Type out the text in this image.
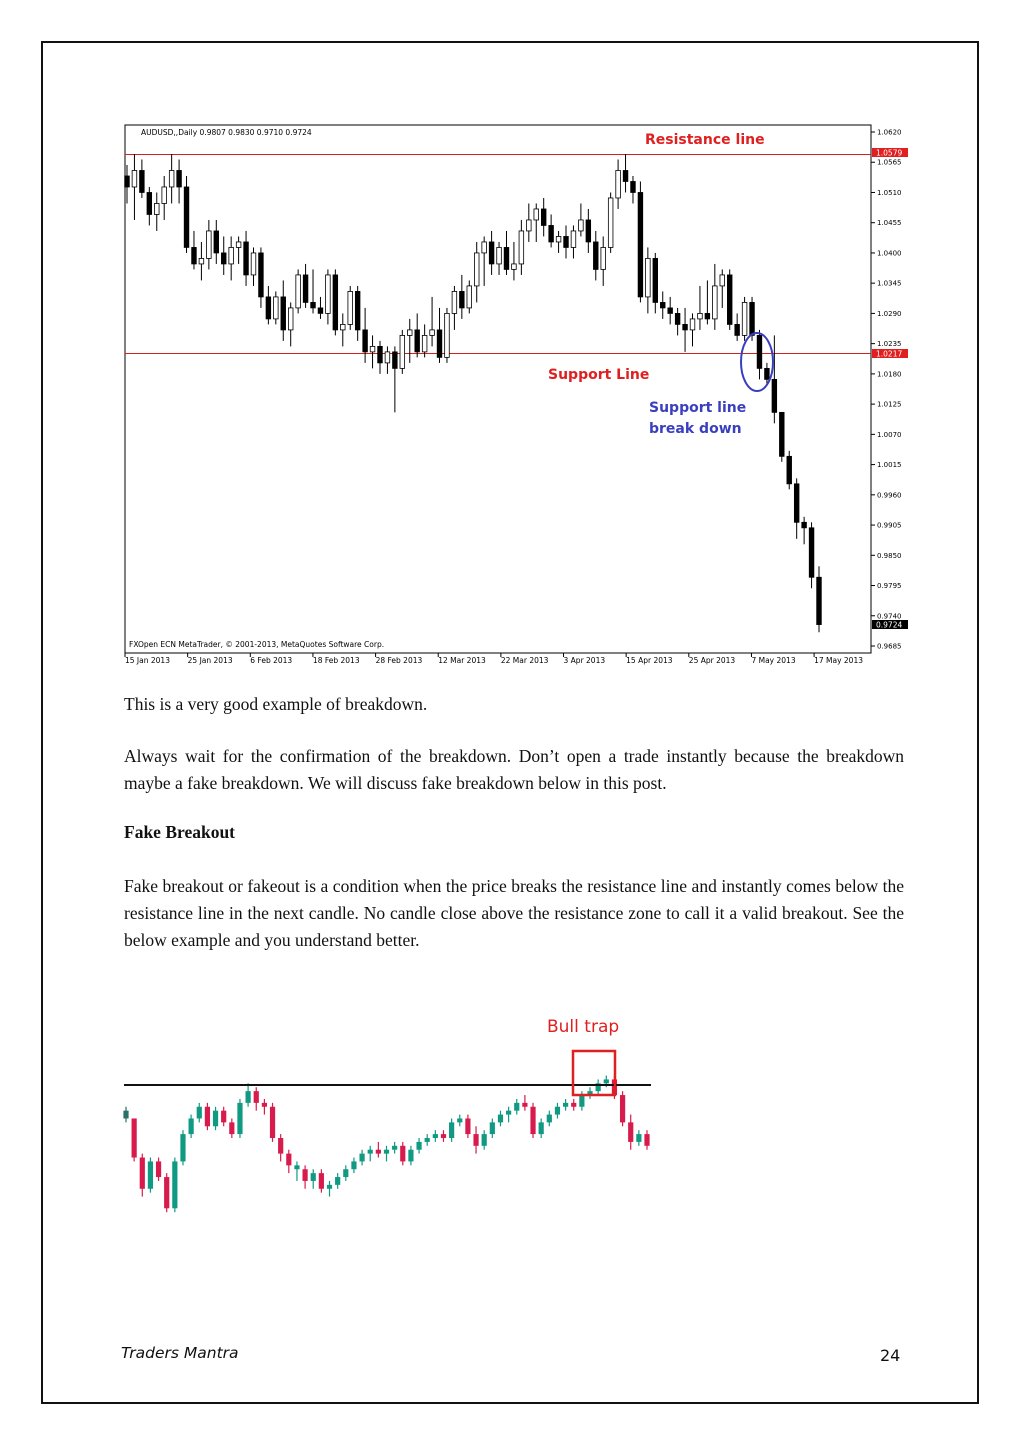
1.0620
1.0565
1.0510
1.0455
1.0400
1.0345
1.0290
1.0235
1.0180
1.0125
1.0070
1.0015
0.9960
0.9905
0.9850
0.9795
0.9740
0.9685
15 Jan 2013 25 Jan 2013 6 Feb 2013	18 Feb 2013 28 Feb 2013 12 Mar 2013 22 Mar 2013 3 Apr 2013	15 Apr 2013 25 Apr 2013 7 May 2013 17 May 2013
AUDUSD,,Daily 0.9807 0.9830 0.9710 0.9724
FXOpen ECN MetaTrader, © 2001-2013, MetaQuotes Software Corp.
Resistance line
Support Line
Support line
break down
1.0579
1.0217
0.9724

This is a very good example of breakdown.

Always wait for the confirmation of the breakdown. Don’t open a trade instantly because the breakdown maybe a fake breakdown. We will discuss fake breakdown below in this post.

Fake Breakout

Fake breakout or fakeout is a condition when the price breaks the resistance line and instantly comes below the resistance line in the next candle. No candle close above the resistance zone to call it a valid breakout. See the below example and you understand better.

Bull trap
Traders Mantra	24
